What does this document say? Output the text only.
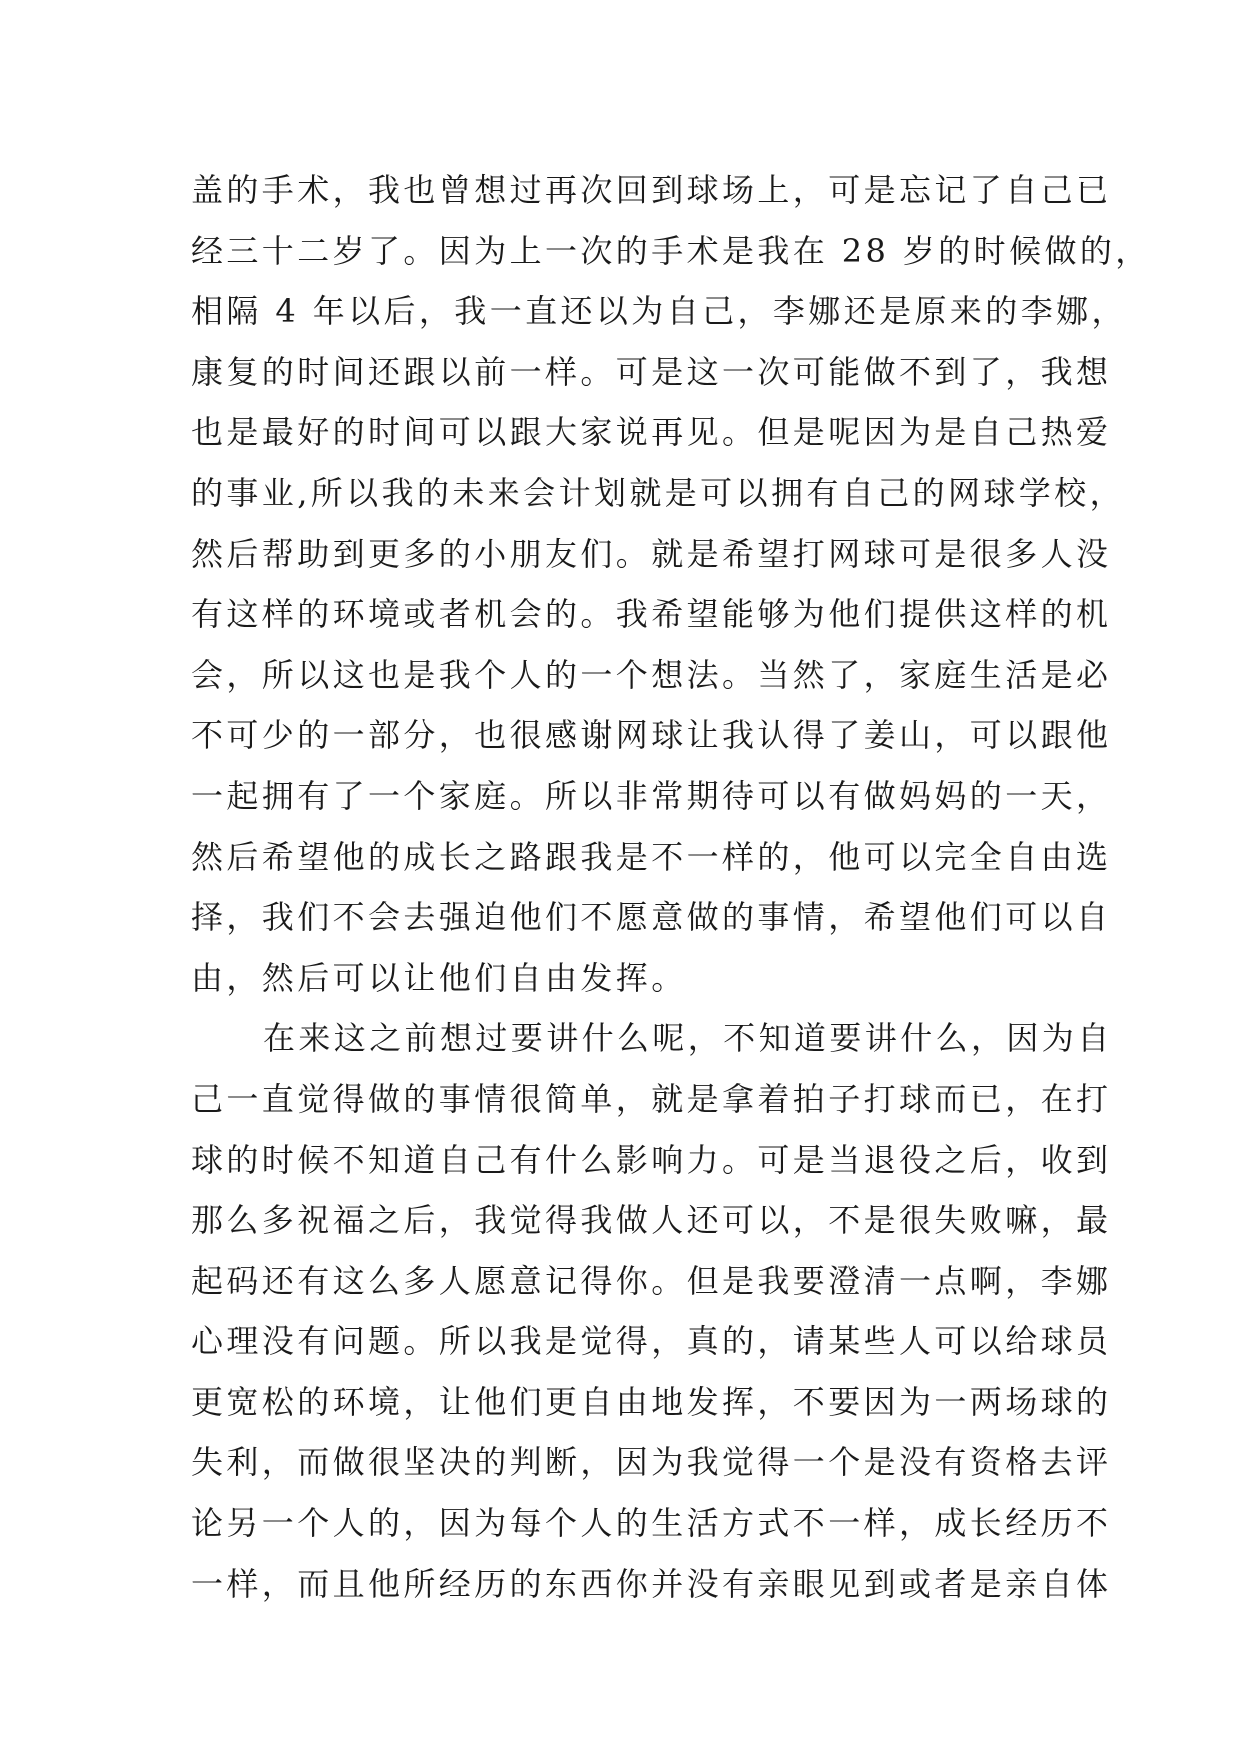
盖的手术，我也曾想过再次回到球场上，可是忘记了自己已
经三十二岁了。因为上一次的手术是我在 28 岁的时候做的，
相隔 4 年以后，我一直还以为自己，李娜还是原来的李娜，
康复的时间还跟以前一样。可是这一次可能做不到了，我想
也是最好的时间可以跟大家说再见。但是呢因为是自己热爱
的事业,所以我的未来会计划就是可以拥有自己的网球学校，
然后帮助到更多的小朋友们。就是希望打网球可是很多人没
有这样的环境或者机会的。我希望能够为他们提供这样的机
会，所以这也是我个人的一个想法。当然了，家庭生活是必
不可少的一部分，也很感谢网球让我认得了姜山，可以跟他
一起拥有了一个家庭。所以非常期待可以有做妈妈的一天，
然后希望他的成长之路跟我是不一样的，他可以完全自由选
择，我们不会去强迫他们不愿意做的事情，希望他们可以自
由，然后可以让他们自由发挥。
在来这之前想过要讲什么呢，不知道要讲什么，因为自
己一直觉得做的事情很简单，就是拿着拍子打球而已，在打
球的时候不知道自己有什么影响力。可是当退役之后，收到
那么多祝福之后，我觉得我做人还可以，不是很失败嘛，最
起码还有这么多人愿意记得你。但是我要澄清一点啊，李娜
心理没有问题。所以我是觉得，真的，请某些人可以给球员
更宽松的环境，让他们更自由地发挥，不要因为一两场球的
失利，而做很坚决的判断，因为我觉得一个是没有资格去评
论另一个人的，因为每个人的生活方式不一样，成长经历不
一样，而且他所经历的东西你并没有亲眼见到或者是亲自体
